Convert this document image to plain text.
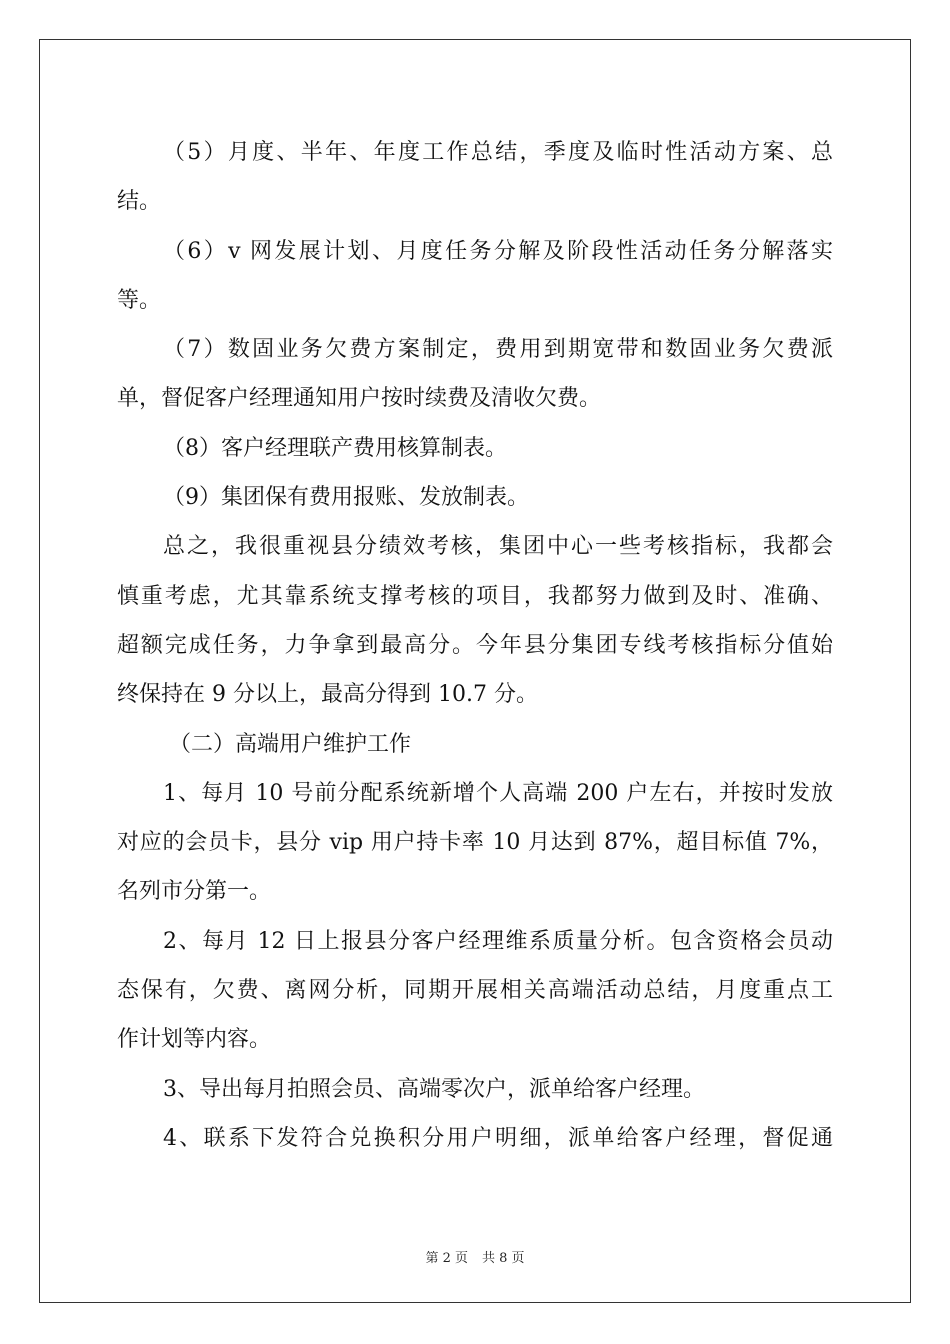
（5）月度、半年、年度工作总结，季度及临时性活动方案、总
结。
（6）v 网发展计划、月度任务分解及阶段性活动任务分解落实
等。
（7）数固业务欠费方案制定，费用到期宽带和数固业务欠费派
单，督促客户经理通知用户按时续费及清收欠费。
（8）客户经理联产费用核算制表。
（9）集团保有费用报账、发放制表。
总之，我很重视县分绩效考核，集团中心一些考核指标，我都会
慎重考虑，尤其靠系统支撑考核的项目，我都努力做到及时、准确、
超额完成任务，力争拿到最高分。今年县分集团专线考核指标分值始
终保持在 9 分以上，最高分得到 10.7 分。
（二）高端用户维护工作
1、每月 10 号前分配系统新增个人高端 200 户左右，并按时发放
对应的会员卡，县分 vip 用户持卡率 10 月达到 87%，超目标值 7%，
名列市分第一。
2、每月 12 日上报县分客户经理维系质量分析。包含资格会员动
态保有，欠费、离网分析，同期开展相关高端活动总结，月度重点工
作计划等内容。
3、导出每月拍照会员、高端零次户，派单给客户经理。
4、联系下发符合兑换积分用户明细，派单给客户经理，督促通
第 2 页 共 8 页
